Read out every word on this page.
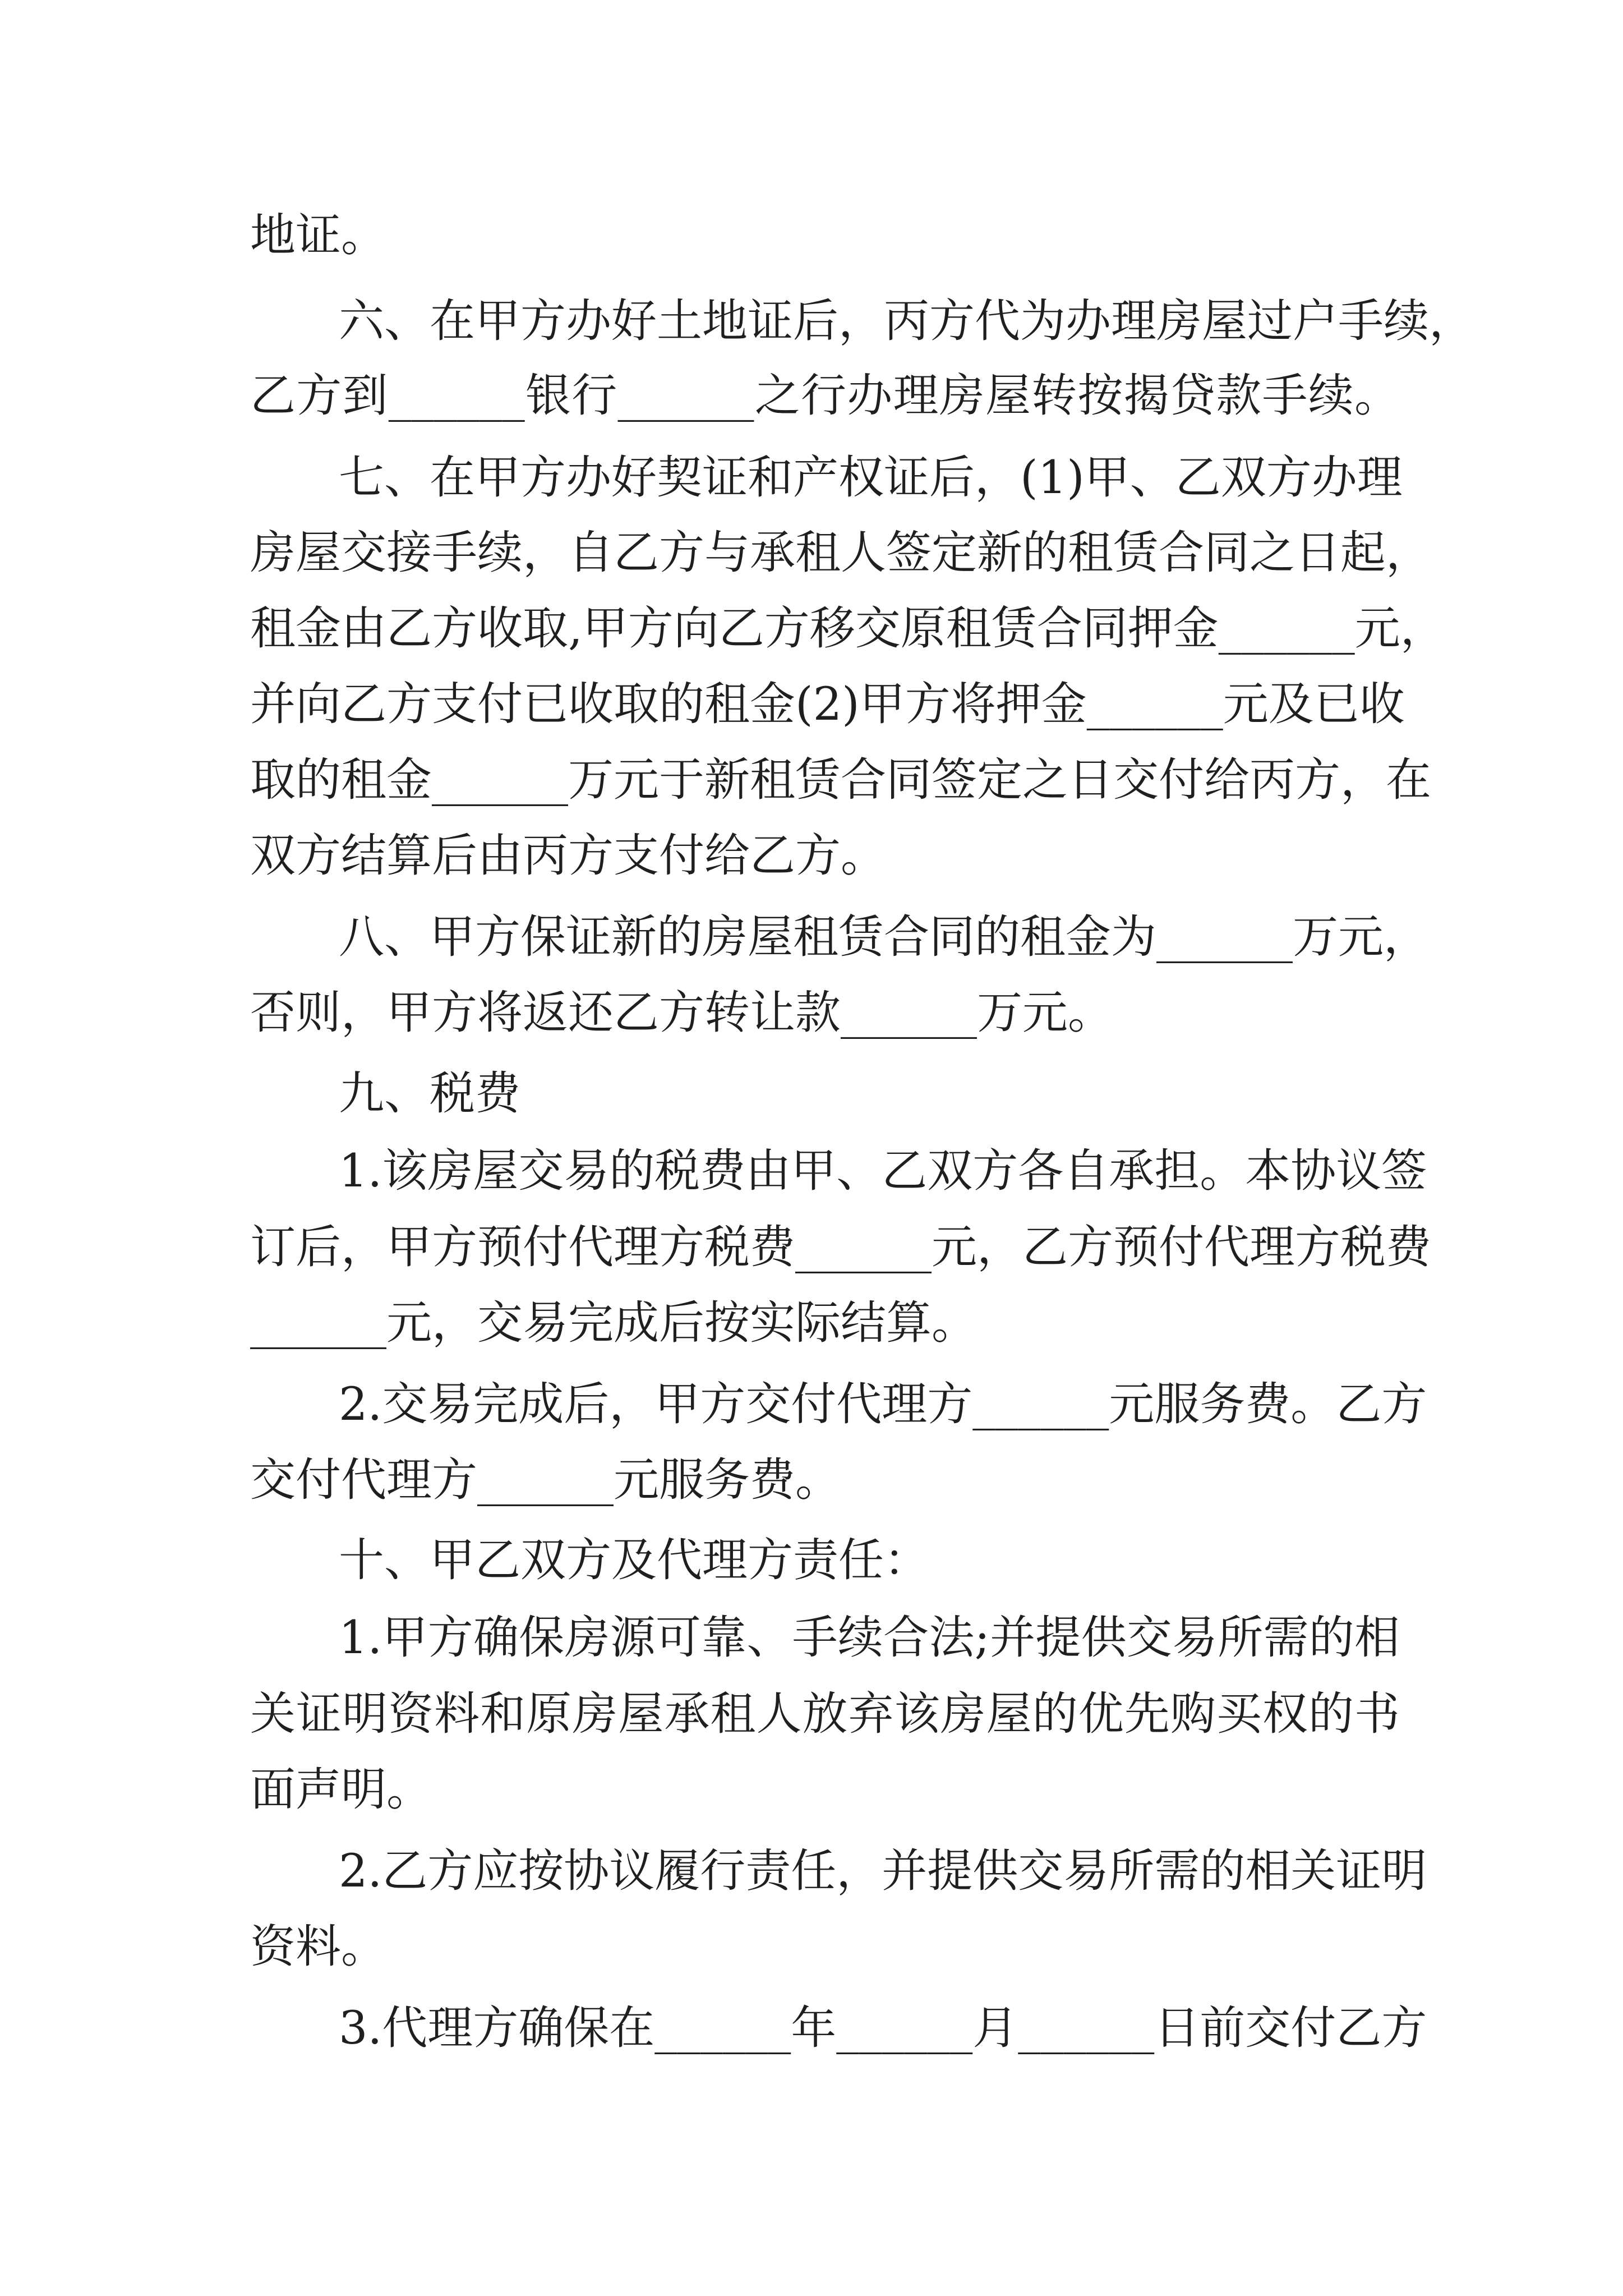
地证。
六、在甲方办好土地证后，丙方代为办理房屋过户手续，
乙方到______银行______之行办理房屋转按揭贷款手续。
七、在甲方办好契证和产权证后，(1)甲、乙双方办理
房屋交接手续，自乙方与承租人签定新的租赁合同之日起，
租金由乙方收取,甲方向乙方移交原租赁合同押金______元，
并向乙方支付已收取的租金(2)甲方将押金______元及已收
取的租金______万元于新租赁合同签定之日交付给丙方，在
双方结算后由丙方支付给乙方。
八、甲方保证新的房屋租赁合同的租金为______万元，
否则，甲方将返还乙方转让款______万元。
九、税费
1.该房屋交易的税费由甲、乙双方各自承担。本协议签
订后，甲方预付代理方税费______元，乙方预付代理方税费
______元，交易完成后按实际结算。
2.交易完成后，甲方交付代理方______元服务费。乙方
交付代理方______元服务费。
十、甲乙双方及代理方责任：
1.甲方确保房源可靠、手续合法;并提供交易所需的相
关证明资料和原房屋承租人放弃该房屋的优先购买权的书
面声明。
2.乙方应按协议履行责任，并提供交易所需的相关证明
资料。
3.代理方确保在______年______月______日前交付乙方
